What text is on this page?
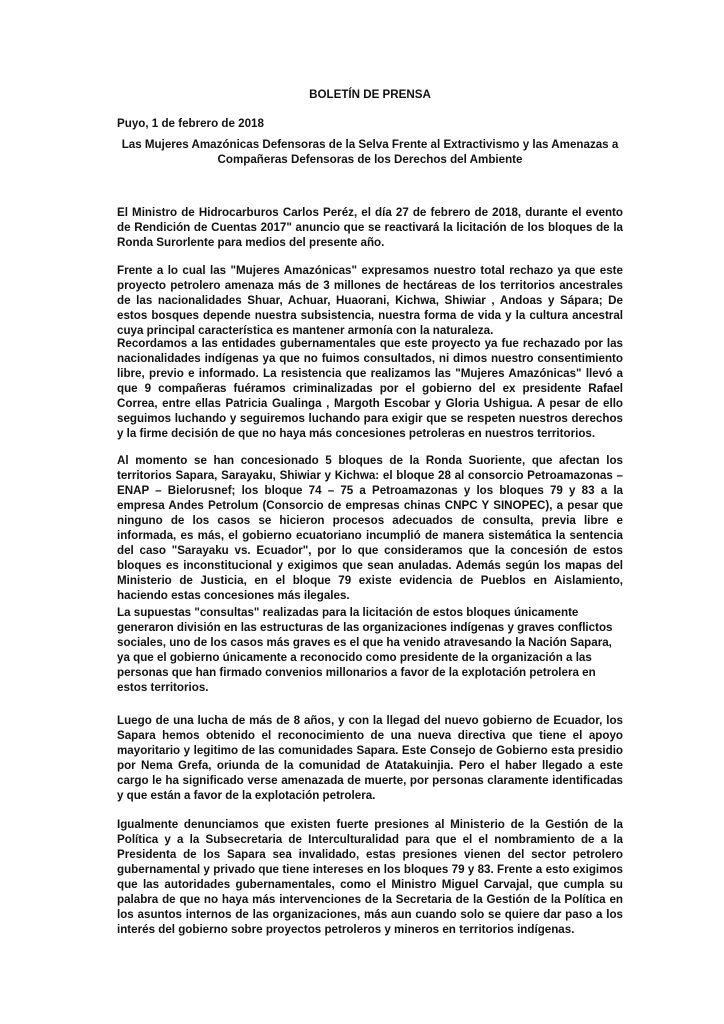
BOLETÍN DE PRENSA
Puyo, 1 de febrero de 2018
Las Mujeres Amazónicas Defensoras de la Selva Frente al Extractivismo y las Amenazas a Compañeras Defensoras de los Derechos del Ambiente
El Ministro de Hidrocarburos Carlos Peréz, el día 27 de febrero de 2018, durante el evento de Rendición de Cuentas 2017" anuncio que se reactivará la licitación de los bloques de la Ronda Surorlente para medios del presente año.
Frente a lo cual las "Mujeres Amazónicas" expresamos nuestro total rechazo ya que este proyecto petrolero amenaza más de 3 millones de hectáreas de los territorios ancestrales de las nacionalidades Shuar, Achuar, Huaorani, Kichwa, Shiwiar , Andoas y Sápara; De estos bosques depende nuestra subsistencia, nuestra forma de vida y la cultura ancestral cuya principal característica es mantener armonía con la naturaleza.
Recordamos a las entidades gubernamentales que este proyecto ya fue rechazado por las nacionalidades indígenas ya que no fuimos consultados, ni dimos nuestro consentimiento libre, previo e informado. La resistencia que realizamos las "Mujeres Amazónicas" llevó a que 9 compañeras fuéramos criminalizadas por el gobierno del ex presidente Rafael Correa, entre ellas Patricia Gualinga , Margoth Escobar y Gloria Ushigua. A pesar de ello seguimos luchando y seguiremos luchando para exigir que se respeten nuestros derechos y la firme decisión de que no haya más concesiones petroleras en nuestros territorios.
Al momento se han concesionado 5 bloques de la Ronda Suoriente, que afectan los territorios Sapara, Sarayaku, Shiwiar y Kichwa: el bloque 28 al consorcio Petroamazonas – ENAP – Bielorusnef; los bloque 74 – 75 a Petroamazonas y los bloques 79 y 83 a la empresa Andes Petrolum (Consorcio de empresas chinas CNPC Y SINOPEC), a pesar que ninguno de los casos se hicieron procesos adecuados de consulta, previa libre e informada, es más, el gobierno ecuatoriano incumplió de manera sistemática la sentencia del caso "Sarayaku vs. Ecuador", por lo que consideramos que la concesión de estos bloques es inconstitucional y exigimos que sean anuladas. Además según los mapas del Ministerio de Justicia, en el bloque 79 existe evidencia de Pueblos en Aislamiento, haciendo estas concesiones más ilegales.
La supuestas "consultas" realizadas para la licitación de estos bloques únicamente generaron división en las estructuras de las organizaciones indígenas y graves conflictos sociales, uno de los casos más graves es el que ha venido atravesando la Nación Sapara, ya que el gobierno únicamente a reconocido como presidente de la organización a las personas que han firmado convenios millonarios a favor de la explotación petrolera en estos territorios.
Luego de una lucha de más de 8 años, y con la llegad del nuevo gobierno de Ecuador, los Sapara hemos obtenido el reconocimiento de una nueva directiva que tiene el apoyo mayoritario y legitimo de las comunidades Sapara. Este Consejo de Gobierno esta presidio por Nema Grefa, oriunda de la comunidad de Atatakuinjia. Pero el haber llegado a este cargo le ha significado verse amenazada de muerte, por personas claramente identificadas y que están a favor de la explotación petrolera.
Igualmente denunciamos que existen fuerte presiones al Ministerio de la Gestión de la Política y a la Subsecretaria de Interculturalidad para que el el nombramiento de a la Presidenta de los Sapara sea invalidado, estas presiones vienen del sector petrolero gubernamental y privado que tiene intereses en los bloques 79 y 83. Frente a esto exigimos que las autoridades gubernamentales, como el Ministro Miguel Carvajal, que cumpla su palabra de que no haya más intervenciones de la Secretaria de la Gestión de la Política en los asuntos internos de las organizaciones, más aun cuando solo se quiere dar paso a los interés del gobierno sobre proyectos petroleros y mineros en territorios indígenas.
